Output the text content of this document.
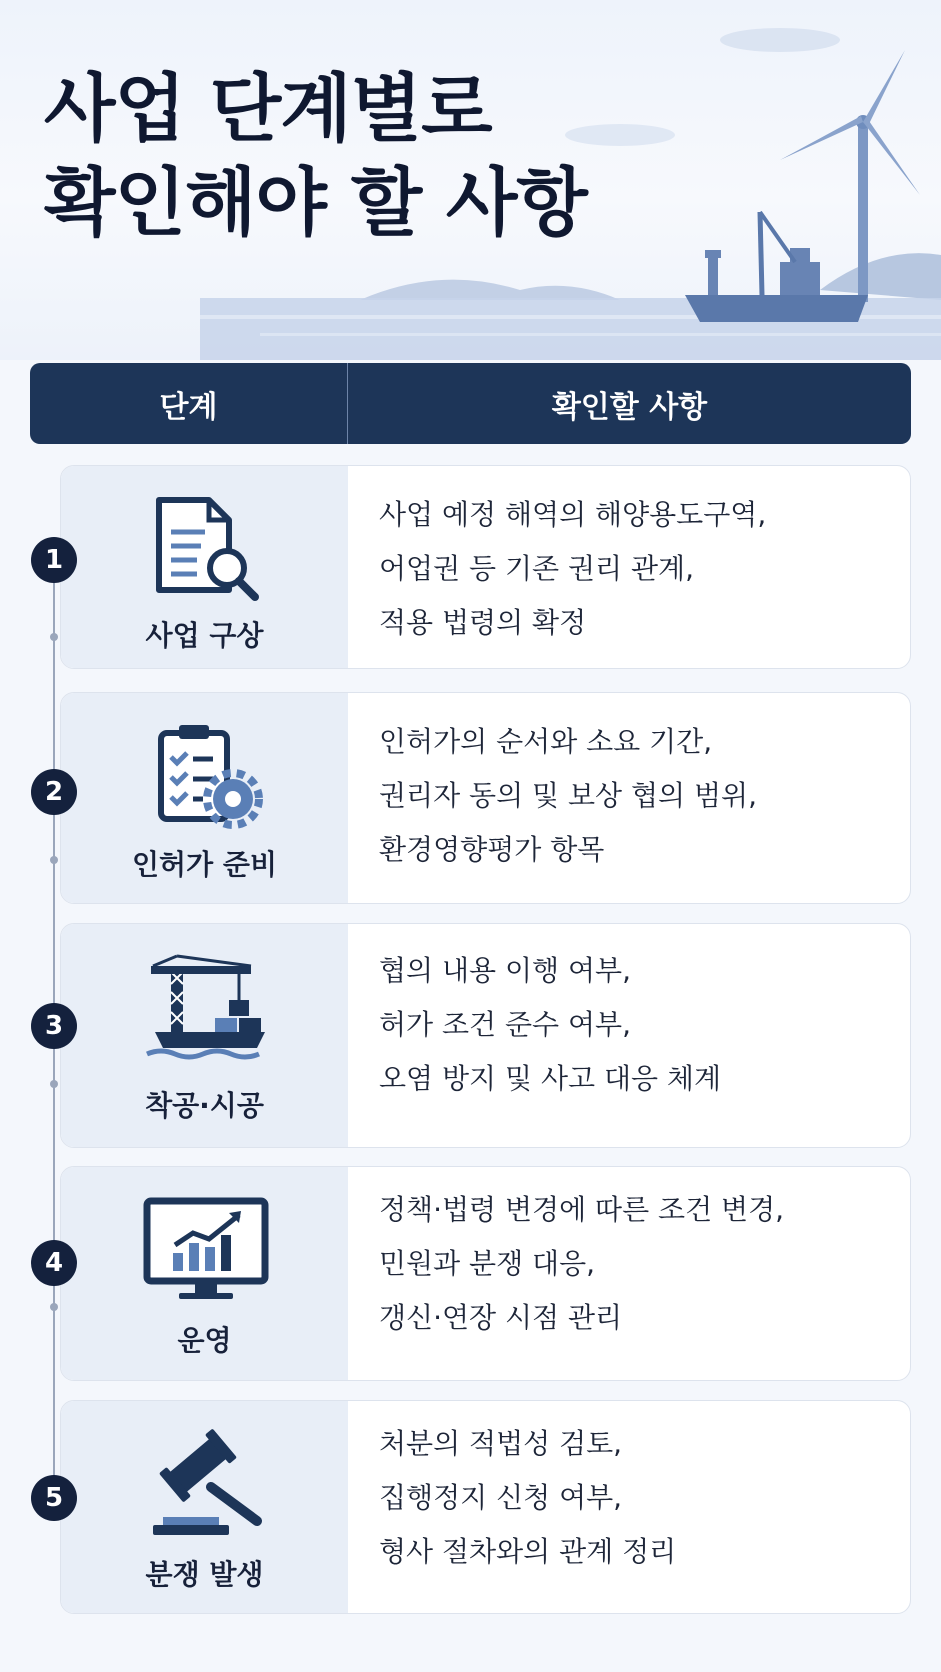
사업 단계별로
확인해야 할 사항
단계	확인할 사항
사업 구상
사업 예정 해역의 해양용도구역,
어업권 등 기존 권리 관계,
적용 법령의 확정
1
인허가 준비
인허가의 순서와 소요 기간,
권리자 동의 및 보상 협의 범위,
환경영향평가 항목
2
착공·시공
협의 내용 이행 여부,
허가 조건 준수 여부,
오염 방지 및 사고 대응 체계
3
운영
정책·법령 변경에 따른 조건 변경,
민원과 분쟁 대응,
갱신·연장 시점 관리
4
분쟁 발생
처분의 적법성 검토,
집행정지 신청 여부,
형사 절차와의 관계 정리
5
